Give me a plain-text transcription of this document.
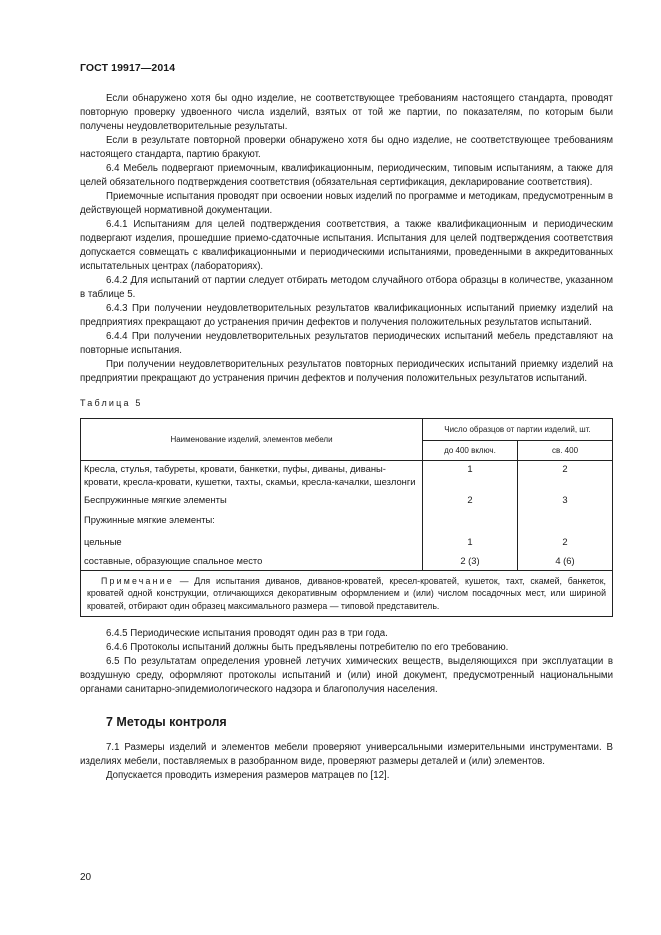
ГОСТ 19917—2014

Если обнаружено хотя бы одно изделие, не соответствующее требованиям настоящего стандарта, проводят повторную проверку удвоенного числа изделий, взятых от той же партии, по показателям, по которым были получены неудовлетворительные результаты.

Если в результате повторной проверки обнаружено хотя бы одно изделие, не соответствующее требованиям настоящего стандарта, партию бракуют.

6.4 Мебель подвергают приемочным, квалификационным, периодическим, типовым испытаниям, а также для целей обязательного подтверждения соответствия (обязательная сертификация, декларирование соответствия).

Приемочные испытания проводят при освоении новых изделий по программе и методикам, предусмотренным в действующей нормативной документации.

6.4.1 Испытаниям для целей подтверждения соответствия, а также квалификационным и периодическим подвергают изделия, прошедшие приемо-сдаточные испытания. Испытания для целей подтверждения соответствия допускается совмещать с квалификационными и периодическими испытаниями, проведенными в аккредитованных испытательных центрах (лабораториях).

6.4.2 Для испытаний от партии следует отбирать методом случайного отбора образцы в количестве, указанном в таблице 5.

6.4.3 При получении неудовлетворительных результатов квалификационных испытаний приемку изделий на предприятиях прекращают до устранения причин дефектов и получения положительных результатов испытаний.

6.4.4 При получении неудовлетворительных результатов периодических испытаний мебель представляют на повторные испытания.

При получении неудовлетворительных результатов повторных периодических испытаний приемку изделий на предприятии прекращают до устранения причин дефектов и получения положительных результатов испытаний.

Таблица 5
Наименование изделий, элементов мебели	Число образцов от партии изделий, шт.	
	до 400 включ.	св. 400
Кресла, стулья, табуреты, кровати, банкетки, пуфы, диваны, диваны-кровати, кресла-кровати, кушетки, тахты, скамьи, кресла-качалки, шезлонги	1	2
Беспружинные мягкие элементы	2	3
Пружинные мягкие элементы:		
цельные	1	2
составные, образующие спальное место	2 (3)	4 (6)
Примечание — Для испытания диванов, диванов-кроватей, кресел-кроватей, кушеток, тахт, скамей, банкеток, кроватей одной конструкции, отличающихся декоративным оформлением и (или) числом посадочных мест, или шириной кроватей, отбирают один образец максимального размера — типовой представитель.		

6.4.5 Периодические испытания проводят один раз в три года.

6.4.6 Протоколы испытаний должны быть предъявлены потребителю по его требованию.

6.5 По результатам определения уровней летучих химических веществ, выделяющихся при эксплуатации в воздушную среду, оформляют протоколы испытаний и (или) иной документ, предусмотренный национальными органами санитарно-эпидемиологического надзора и благополучия населения.

7 Методы контроля

7.1 Размеры изделий и элементов мебели проверяют универсальными измерительными инструментами. В изделиях мебели, поставляемых в разобранном виде, проверяют размеры деталей и (или) элементов.

Допускается проводить измерения размеров матрацев по [12].

20
